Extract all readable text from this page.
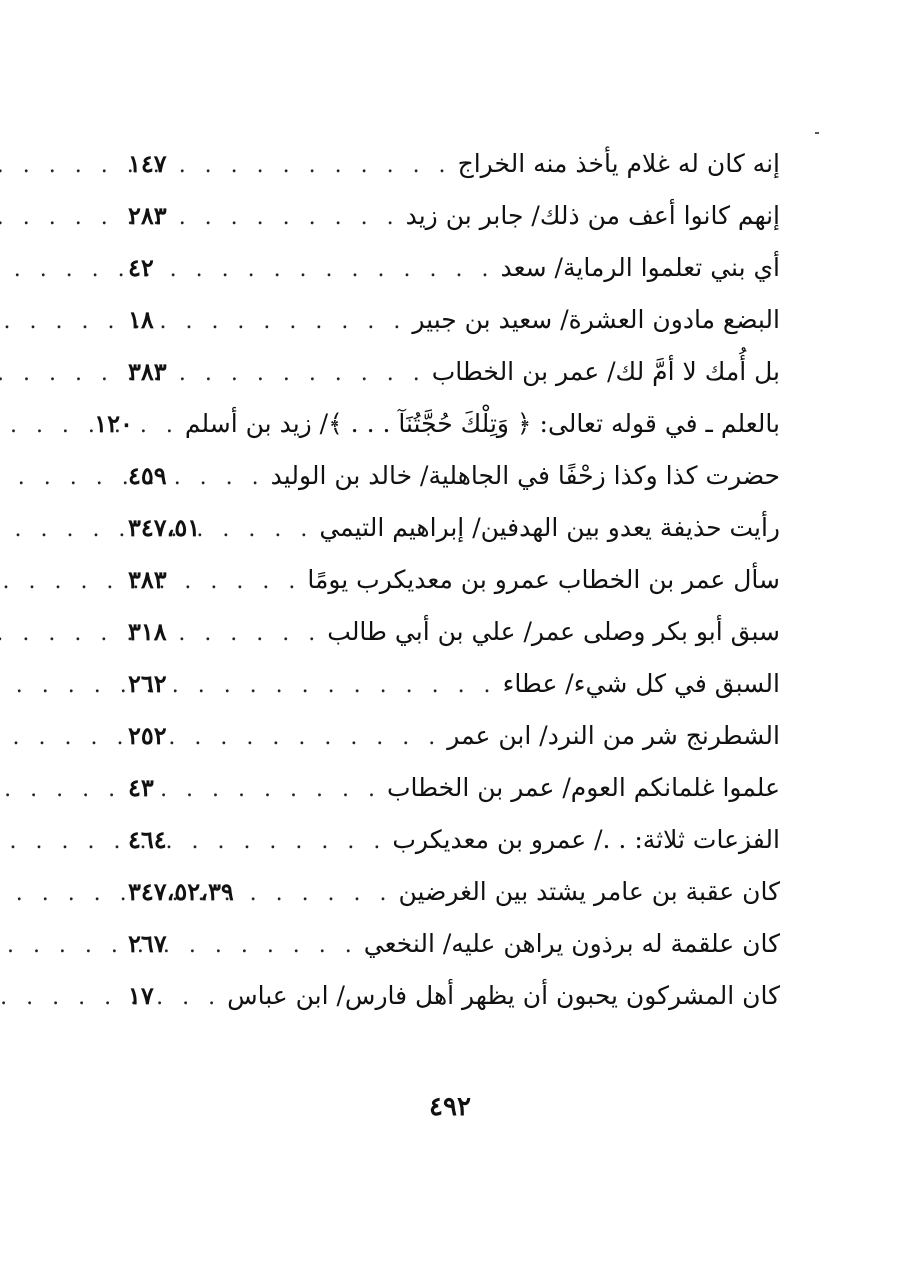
إنه كان له غلام يأخذ منه الخراج
. . .
١٤٧
إنهم كانوا أعف من ذلك/ جابر بن زيد
. . .
٢٨٣
أي بني تعلموا الرماية/ سعد
. . .
٤٢
البضع مادون العشرة/ سعيد بن جبير
. . .
١٨
بل أُمك لا أمَّ لك/ عمر بن الخطاب
. . .
٣٨٣
بالعلم ـ في قوله تعالى: ﴿ وَتِلْكَ حُجَّتُنَآ . . . ﴾/ زيد بن أسلم
. . .
١٢٠
حضرت كذا وكذا زحْفًا في الجاهلية/ خالد بن الوليد
. . .
٤٥٩
رأيت حذيفة يعدو بين الهدفين/ إبراهيم التيمي
. . .
٣٤٧،٥١
سأل عمر بن الخطاب عمرو بن معديكرب يومًا
. . .
٣٨٣
سبق أبو بكر وصلى عمر/ علي بن أبي طالب
. . .
٣١٨
السبق في كل شيء/ عطاء
. . .
٢٦٢
الشطرنج شر من النرد/ ابن عمر
. . .
٢٥٢
علموا غلمانكم العوم/ عمر بن الخطاب
. . .
٤٣
الفزعات ثلاثة: . ./ عمرو بن معديكرب
. . .
٤٦٤
كان عقبة بن عامر يشتد بين الغرضين
. . .
٣٤٧،٥٢،٣٩
كان علقمة له برذون يراهن عليه/ النخعي
. . .
٢٦٧
كان المشركون يحبون أن يظهر أهل فارس/ ابن عباس
. . .
١٧
٤٩٢
